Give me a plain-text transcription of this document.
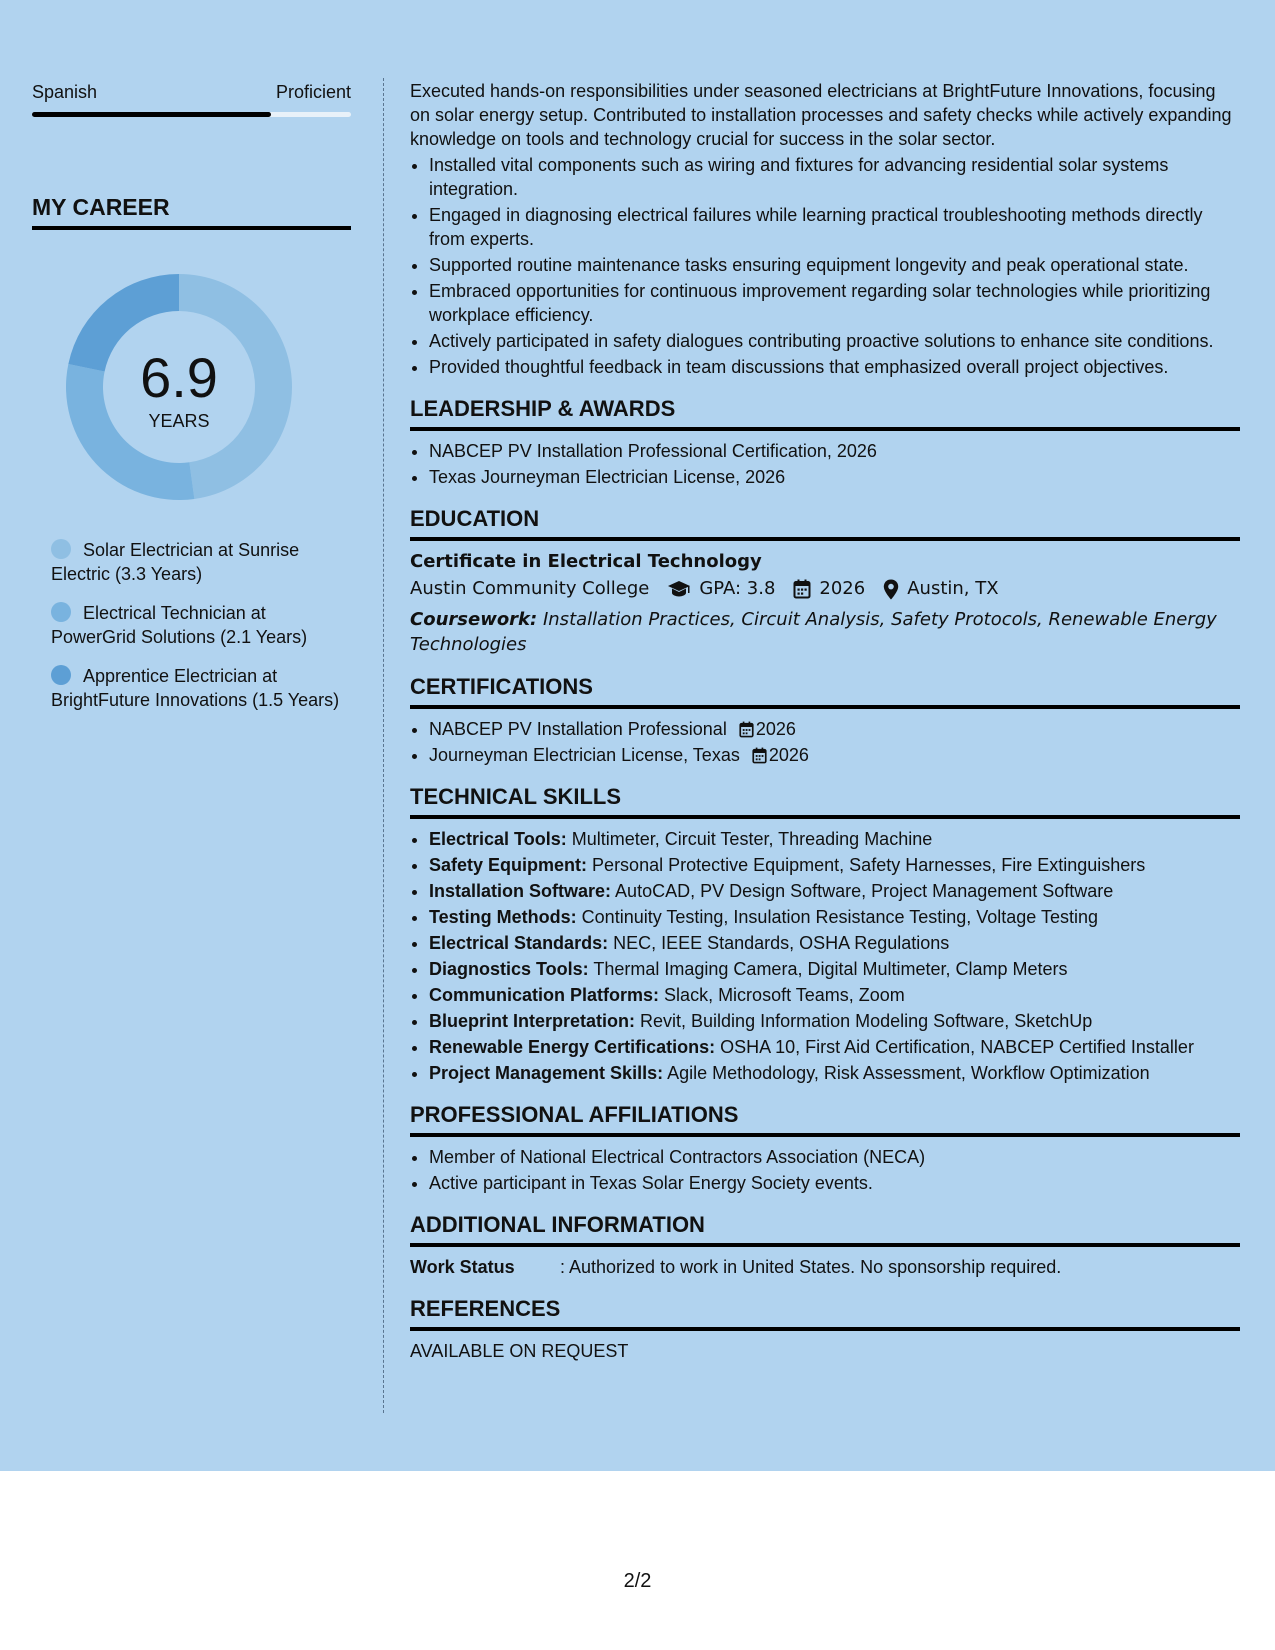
Spanish	Proficient
MY CAREER
6.9
YEARS
Solar Electrician at Sunrise Electric (3.3 Years)
Electrical Technician at PowerGrid Solutions (2.1 Years)
Apprentice Electrician at BrightFuture Innovations (1.5 Years)

Executed hands-on responsibilities under seasoned electricians at BrightFuture Innovations, focusing on solar energy setup. Contributed to installation processes and safety checks while actively expanding knowledge on tools and technology crucial for success in the solar sector.

• Installed vital components such as wiring and fixtures for advancing residential solar systems integration.
• Engaged in diagnosing electrical failures while learning practical troubleshooting methods directly from experts.
• Supported routine maintenance tasks ensuring equipment longevity and peak operational state.
• Embraced opportunities for continuous improvement regarding solar technologies while prioritizing workplace efficiency.
• Actively participated in safety dialogues contributing proactive solutions to enhance site conditions.
• Provided thoughtful feedback in team discussions that emphasized overall project objectives.
LEADERSHIP & AWARDS
• NABCEP PV Installation Professional Certification, 2026
• Texas Journeyman Electrician License, 2026
EDUCATION
Certificate in Electrical Technology
Austin Community College	GPA: 3.8 2026 Austin, TX
Coursework: Installation Practices, Circuit Analysis, Safety Protocols, Renewable Energy Technologies
CERTIFICATIONS
• NABCEP PV Installation Professional 2026
• Journeyman Electrician License, Texas 2026
TECHNICAL SKILLS
• Electrical Tools: Multimeter, Circuit Tester, Threading Machine
• Safety Equipment: Personal Protective Equipment, Safety Harnesses, Fire Extinguishers
• Installation Software: AutoCAD, PV Design Software, Project Management Software
• Testing Methods: Continuity Testing, Insulation Resistance Testing, Voltage Testing
• Electrical Standards: NEC, IEEE Standards, OSHA Regulations
• Diagnostics Tools: Thermal Imaging Camera, Digital Multimeter, Clamp Meters
• Communication Platforms: Slack, Microsoft Teams, Zoom
• Blueprint Interpretation: Revit, Building Information Modeling Software, SketchUp
• Renewable Energy Certifications: OSHA 10, First Aid Certification, NABCEP Certified Installer
• Project Management Skills: Agile Methodology, Risk Assessment, Workflow Optimization
PROFESSIONAL AFFILIATIONS
• Member of National Electrical Contractors Association (NECA)
• Active participant in Texas Solar Energy Society events.
ADDITIONAL INFORMATION
Work Status	: Authorized to work in United States. No sponsorship required.
REFERENCES
AVAILABLE ON REQUEST
2/2
